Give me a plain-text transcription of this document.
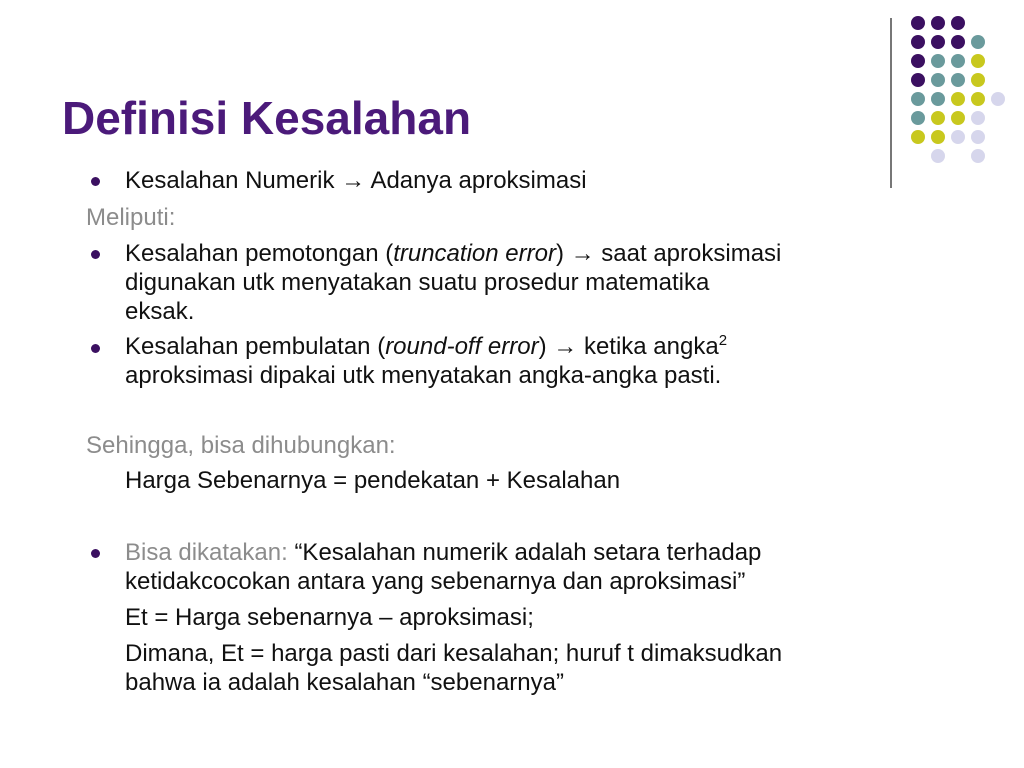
Definisi Kesalahan
Kesalahan Numerik → Adanya aproksimasi
Meliputi:
Kesalahan pemotongan (truncation error) → saat aproksimasi
digunakan utk menyatakan suatu prosedur matematika
eksak.
Kesalahan pembulatan (round-off error) → ketika angka$^2$
aproksimasi dipakai utk menyatakan angka-angka pasti.
Sehingga, bisa dihubungkan:
Harga Sebenarnya = pendekatan + Kesalahan
Bisa dikatakan: “Kesalahan numerik adalah setara terhadap
ketidakcocokan antara yang sebenarnya dan aproksimasi”
Et = Harga sebenarnya – aproksimasi;
Dimana, Et = harga pasti dari kesalahan; huruf t dimaksudkan
bahwa ia adalah kesalahan “sebenarnya”
